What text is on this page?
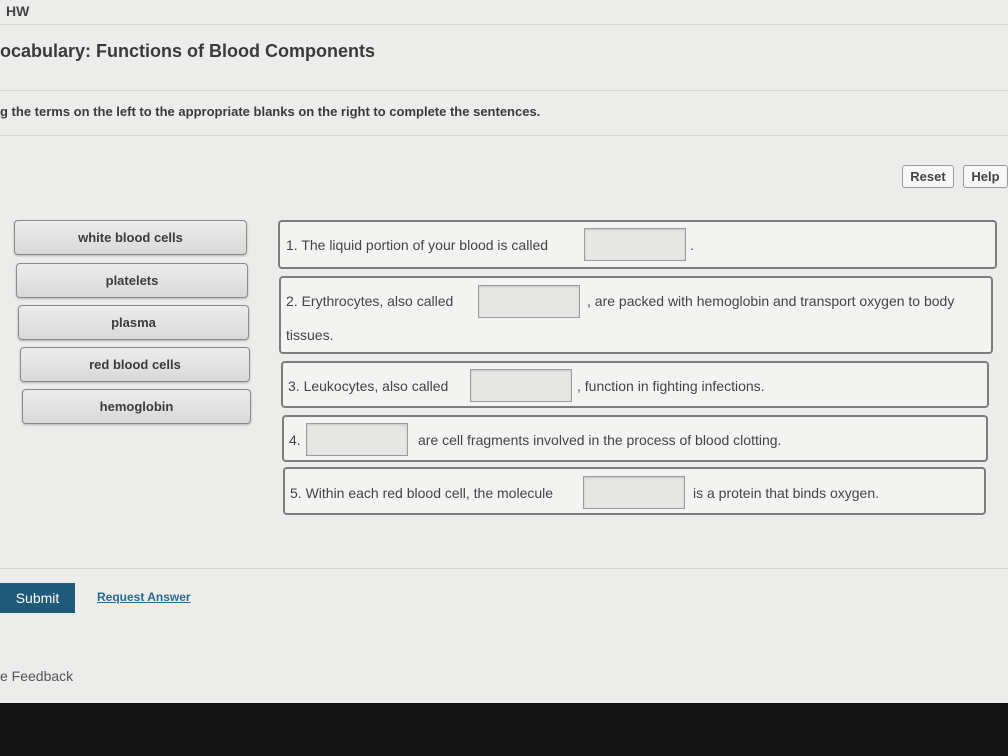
HW
ocabulary: Functions of Blood Components
g the terms on the left to the appropriate blanks on the right to complete the sentences.
Reset	Help
white blood cells
platelets
plasma
red blood cells
hemoglobin
1. The liquid portion of your blood is called	.
2. Erythrocytes, also called	, are packed with hemoglobin and transport oxygen to body
tissues.
3. Leukocytes, also called	, function in fighting infections.
4.	are cell fragments involved in the process of blood clotting.
5. Within each red blood cell, the molecule	is a protein that binds oxygen.
Submit	Request Answer
e Feedback
